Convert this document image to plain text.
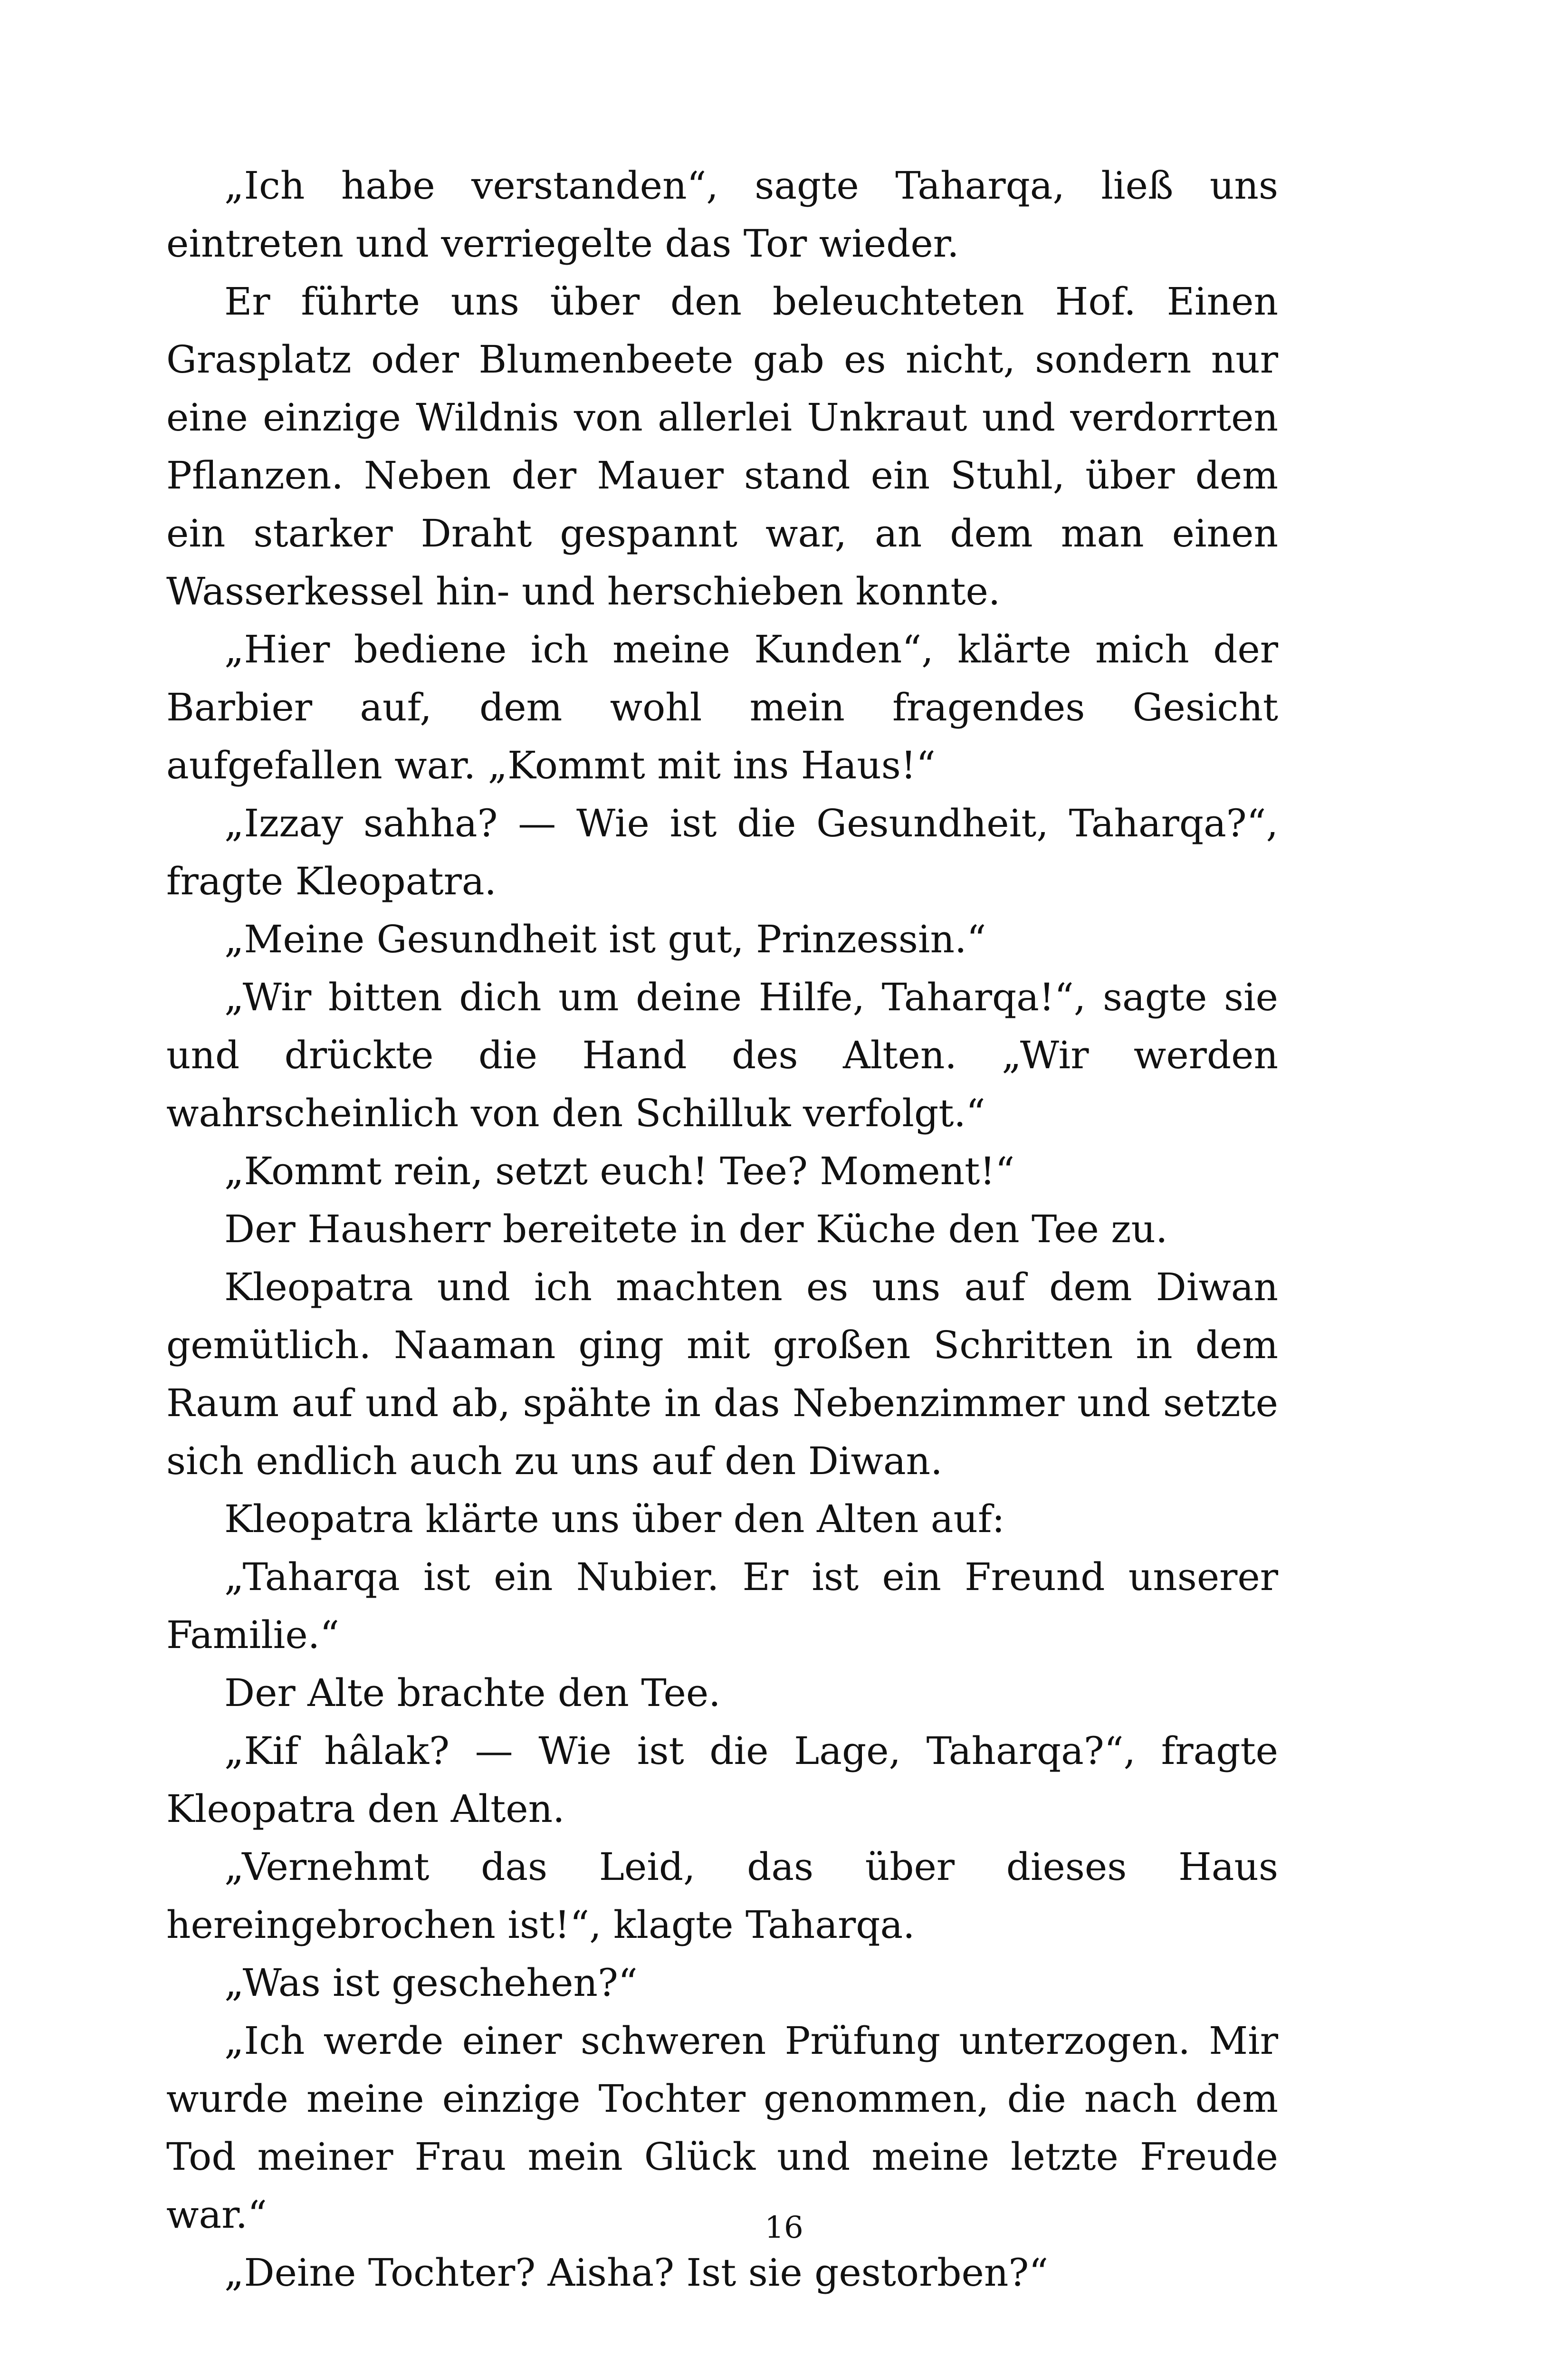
„Ich habe verstanden“, sagte Taharqa, ließ uns eintreten und verriegelte das Tor wieder.

Er führte uns über den beleuchteten Hof. Einen Grasplatz oder Blumenbeete gab es nicht, sondern nur eine einzige Wildnis von allerlei Unkraut und verdorrten Pflanzen. Neben der Mauer stand ein Stuhl, über dem ein starker Draht gespannt war, an dem man einen Wasserkessel hin- und herschieben konnte.

„Hier bediene ich meine Kunden“, klärte mich der Barbier auf, dem wohl mein fragendes Gesicht aufgefallen war. „Kommt mit ins Haus!“

„Izzay sahha? — Wie ist die Gesundheit, Taharqa?“, fragte Kleopatra.

„Meine Gesundheit ist gut, Prinzessin.“

„Wir bitten dich um deine Hilfe, Taharqa!“, sagte sie und drückte die Hand des Alten. „Wir werden wahrscheinlich von den Schilluk verfolgt.“

„Kommt rein, setzt euch! Tee? Moment!“

Der Hausherr bereitete in der Küche den Tee zu.

Kleopatra und ich machten es uns auf dem Diwan gemütlich. Naaman ging mit großen Schritten in dem Raum auf und ab, spähte in das Nebenzimmer und setzte sich endlich auch zu uns auf den Diwan.

Kleopatra klärte uns über den Alten auf:

„Taharqa ist ein Nubier. Er ist ein Freund unserer Familie.“

Der Alte brachte den Tee.

„Kif hâlak? — Wie ist die Lage, Taharqa?“, fragte Kleopatra den Alten.

„Vernehmt das Leid, das über dieses Haus hereingebrochen ist!“, klagte Taharqa.

„Was ist geschehen?“

„Ich werde einer schweren Prüfung unterzogen. Mir wurde meine einzige Tochter genommen, die nach dem Tod meiner Frau mein Glück und meine letzte Freude war.“

„Deine Tochter? Aisha? Ist sie gestorben?“

16
